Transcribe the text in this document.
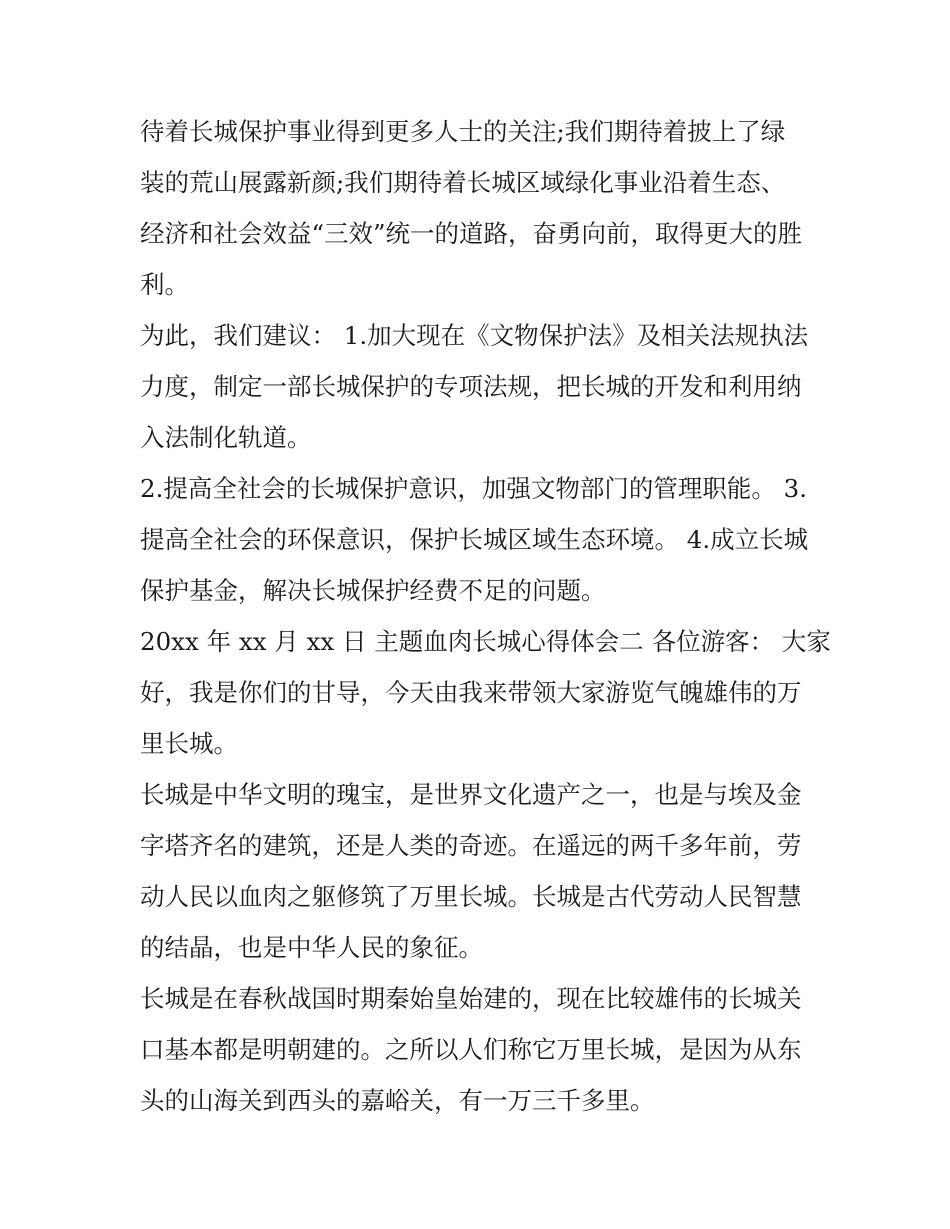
待着长城保护事业得到更多人士的关注;我们期待着披上了绿
装的荒山展露新颜;我们期待着长城区域绿化事业沿着生态、
经济和社会效益“三效”统一的道路，奋勇向前，取得更大的胜
利。

为此，我们建议： 1.加大现在《文物保护法》及相关法规执法
力度，制定一部长城保护的专项法规，把长城的开发和利用纳
入法制化轨道。

2.提高全社会的长城保护意识，加强文物部门的管理职能。 3.
提高全社会的环保意识，保护长城区域生态环境。 4.成立长城
保护基金，解决长城保护经费不足的问题。

20xx 年 xx 月 xx 日 主题血肉长城心得体会二 各位游客： 大家
好，我是你们的甘导，今天由我来带领大家游览气魄雄伟的万
里长城。

长城是中华文明的瑰宝，是世界文化遗产之一，也是与埃及金
字塔齐名的建筑，还是人类的奇迹。在遥远的两千多年前，劳
动人民以血肉之躯修筑了万里长城。长城是古代劳动人民智慧
的结晶，也是中华人民的象征。

长城是在春秋战国时期秦始皇始建的，现在比较雄伟的长城关
口基本都是明朝建的。之所以人们称它万里长城，是因为从东
头的山海关到西头的嘉峪关，有一万三千多里。
